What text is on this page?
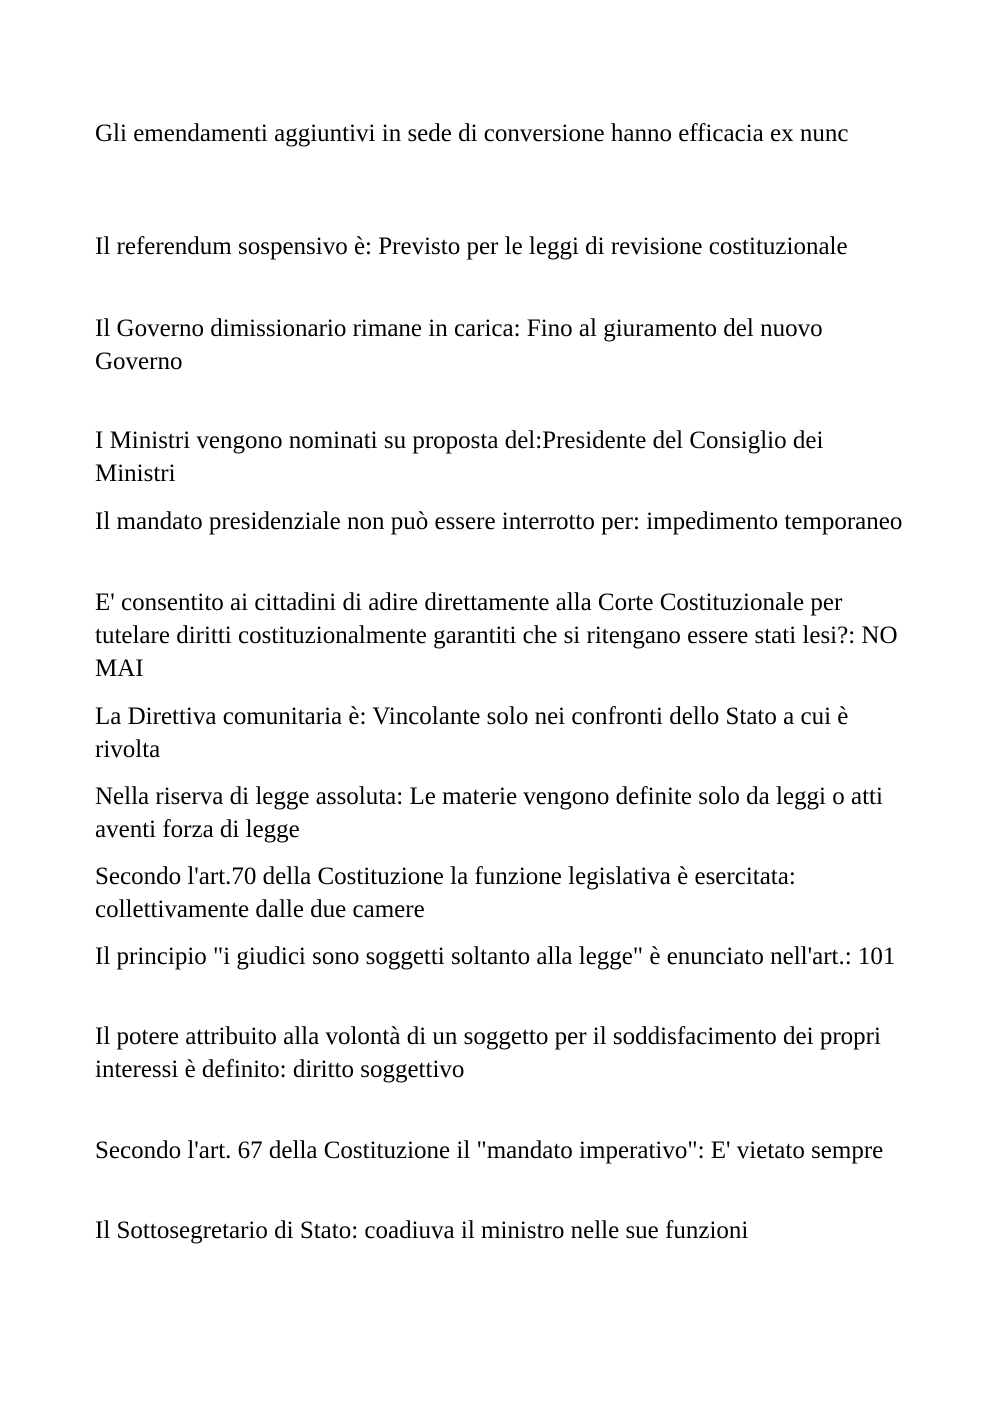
Gli emendamenti aggiuntivi in sede di conversione hanno efficacia ex nunc

Il referendum sospensivo è: Previsto per le leggi di revisione costituzionale

Il Governo dimissionario rimane in carica: Fino al giuramento del nuovo Governo

I Ministri vengono nominati su proposta del:Presidente del Consiglio dei Ministri

Il mandato presidenziale non può essere interrotto per: impedimento temporaneo

E' consentito ai cittadini di adire direttamente alla Corte Costituzionale per tutelare diritti costituzionalmente garantiti che si ritengano essere stati lesi?: NO MAI

La Direttiva comunitaria è: Vincolante solo nei confronti dello Stato a cui è rivolta

Nella riserva di legge assoluta: Le materie vengono definite solo da leggi o atti aventi forza di legge

Secondo l'art.70 della Costituzione la funzione legislativa è esercitata: collettivamente dalle due camere

Il principio "i giudici sono soggetti soltanto alla legge" è enunciato nell'art.: 101

Il potere attribuito alla volontà di un soggetto per il soddisfacimento dei propri interessi è definito: diritto soggettivo

Secondo l'art. 67 della Costituzione il "mandato imperativo": E' vietato sempre

Il Sottosegretario di Stato: coadiuva il ministro nelle sue funzioni
